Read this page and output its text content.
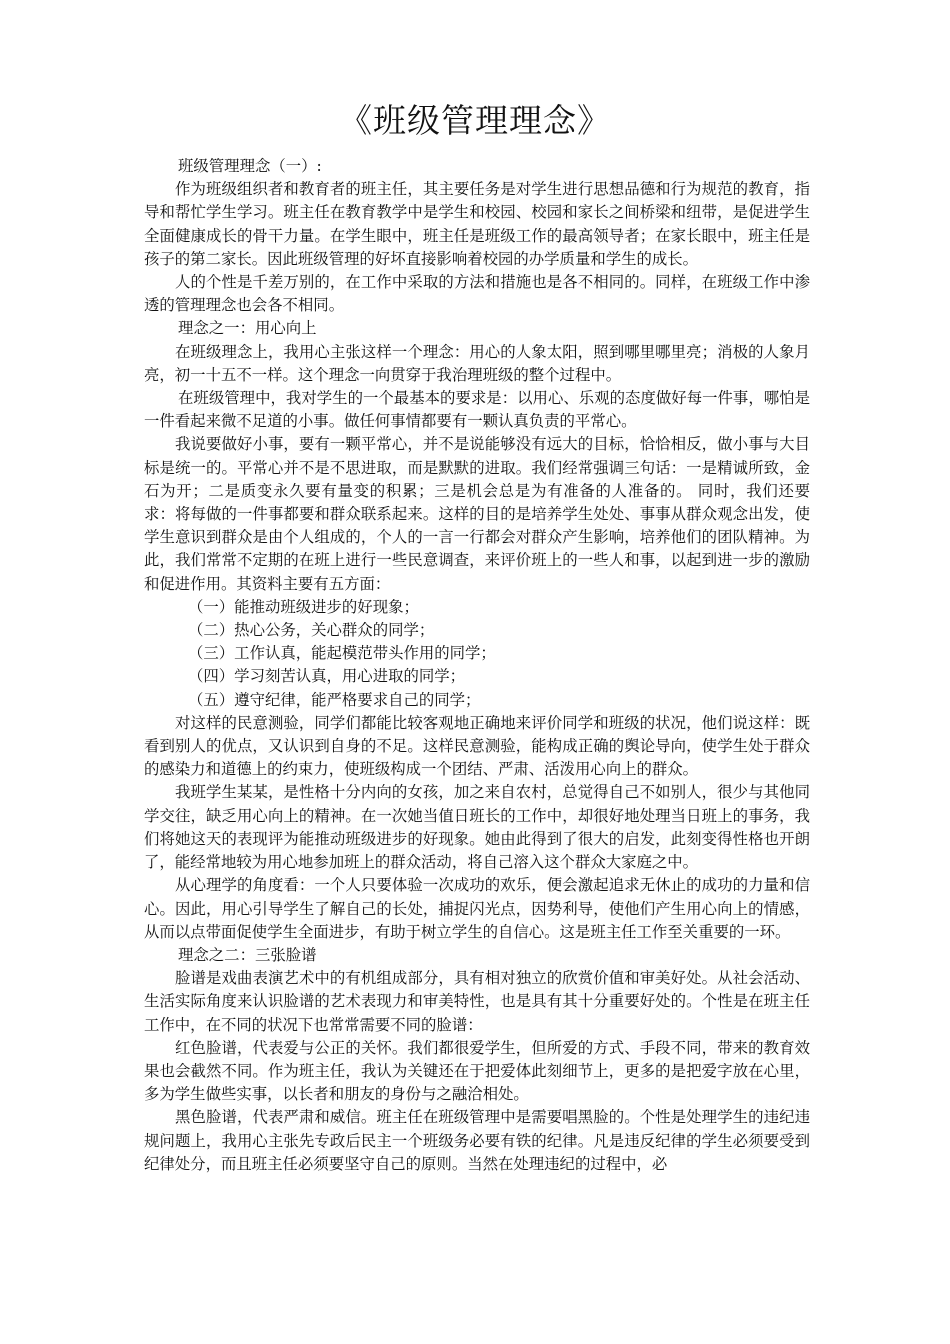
《班级管理理念》

班级管理理念（一）:

作为班级组织者和教育者的班主任，其主要任务是对学生进行思想品德和行为规范的教育，指导和帮忙学生学习。班主任在教育教学中是学生和校园、校园和家长之间桥梁和纽带，是促进学生全面健康成长的骨干力量。在学生眼中，班主任是班级工作的最高领导者；在家长眼中，班主任是孩子的第二家长。因此班级管理的好坏直接影响着校园的办学质量和学生的成长。

人的个性是千差万别的，在工作中采取的方法和措施也是各不相同的。同样，在班级工作中渗透的管理理念也会各不相同。

理念之一：用心向上

在班级理念上，我用心主张这样一个理念：用心的人象太阳，照到哪里哪里亮；消极的人象月亮，初一十五不一样。这个理念一向贯穿于我治理班级的整个过程中。

在班级管理中，我对学生的一个最基本的要求是：以用心、乐观的态度做好每一件事，哪怕是一件看起来微不足道的小事。做任何事情都要有一颗认真负责的平常心。

我说要做好小事，要有一颗平常心，并不是说能够没有远大的目标，恰恰相反，做小事与大目标是统一的。平常心并不是不思进取，而是默默的进取。我们经常强调三句话：一是精诚所致，金石为开；二是质变永久要有量变的积累；三是机会总是为有准备的人准备的。 同时，我们还要求：将每做的一件事都要和群众联系起来。这样的目的是培养学生处处、事事从群众观念出发，使学生意识到群众是由个人组成的，个人的一言一行都会对群众产生影响，培养他们的团队精神。为此，我们常常不定期的在班上进行一些民意调查，来评价班上的一些人和事，以起到进一步的激励和促进作用。其资料主要有五方面：

（一）能推动班级进步的好现象；

（二）热心公务，关心群众的同学；

（三）工作认真，能起模范带头作用的同学；

（四）学习刻苦认真，用心进取的同学；

（五）遵守纪律，能严格要求自己的同学；

对这样的民意测验，同学们都能比较客观地正确地来评价同学和班级的状况，他们说这样：既看到别人的优点，又认识到自身的不足。这样民意测验，能构成正确的舆论导向，使学生处于群众的感染力和道德上的约束力，使班级构成一个团结、严肃、活泼用心向上的群众。

我班学生某某，是性格十分内向的女孩，加之来自农村，总觉得自己不如别人，很少与其他同学交往，缺乏用心向上的精神。在一次她当值日班长的工作中，却很好地处理当日班上的事务，我们将她这天的表现评为能推动班级进步的好现象。她由此得到了很大的启发，此刻变得性格也开朗了，能经常地较为用心地参加班上的群众活动，将自己溶入这个群众大家庭之中。

从心理学的角度看：一个人只要体验一次成功的欢乐，便会激起追求无休止的成功的力量和信心。因此，用心引导学生了解自己的长处，捕捉闪光点，因势利导，使他们产生用心向上的情感，从而以点带面促使学生全面进步，有助于树立学生的自信心。这是班主任工作至关重要的一环。

理念之二：三张脸谱

脸谱是戏曲表演艺术中的有机组成部分，具有相对独立的欣赏价值和审美好处。从社会活动、生活实际角度来认识脸谱的艺术表现力和审美特性，也是具有其十分重要好处的。个性是在班主任工作中，在不同的状况下也常常需要不同的脸谱：

红色脸谱，代表爱与公正的关怀。我们都很爱学生，但所爱的方式、手段不同，带来的教育效果也会截然不同。作为班主任，我认为关键还在于把爱体此刻细节上，更多的是把爱字放在心里，多为学生做些实事，以长者和朋友的身份与之融洽相处。

黑色脸谱，代表严肃和威信。班主任在班级管理中是需要唱黑脸的。个性是处理学生的违纪违规问题上，我用心主张先专政后民主一个班级务必要有铁的纪律。凡是违反纪律的学生必须要受到纪律处分，而且班主任必须要坚守自己的原则。当然在处理违纪的过程中，必
